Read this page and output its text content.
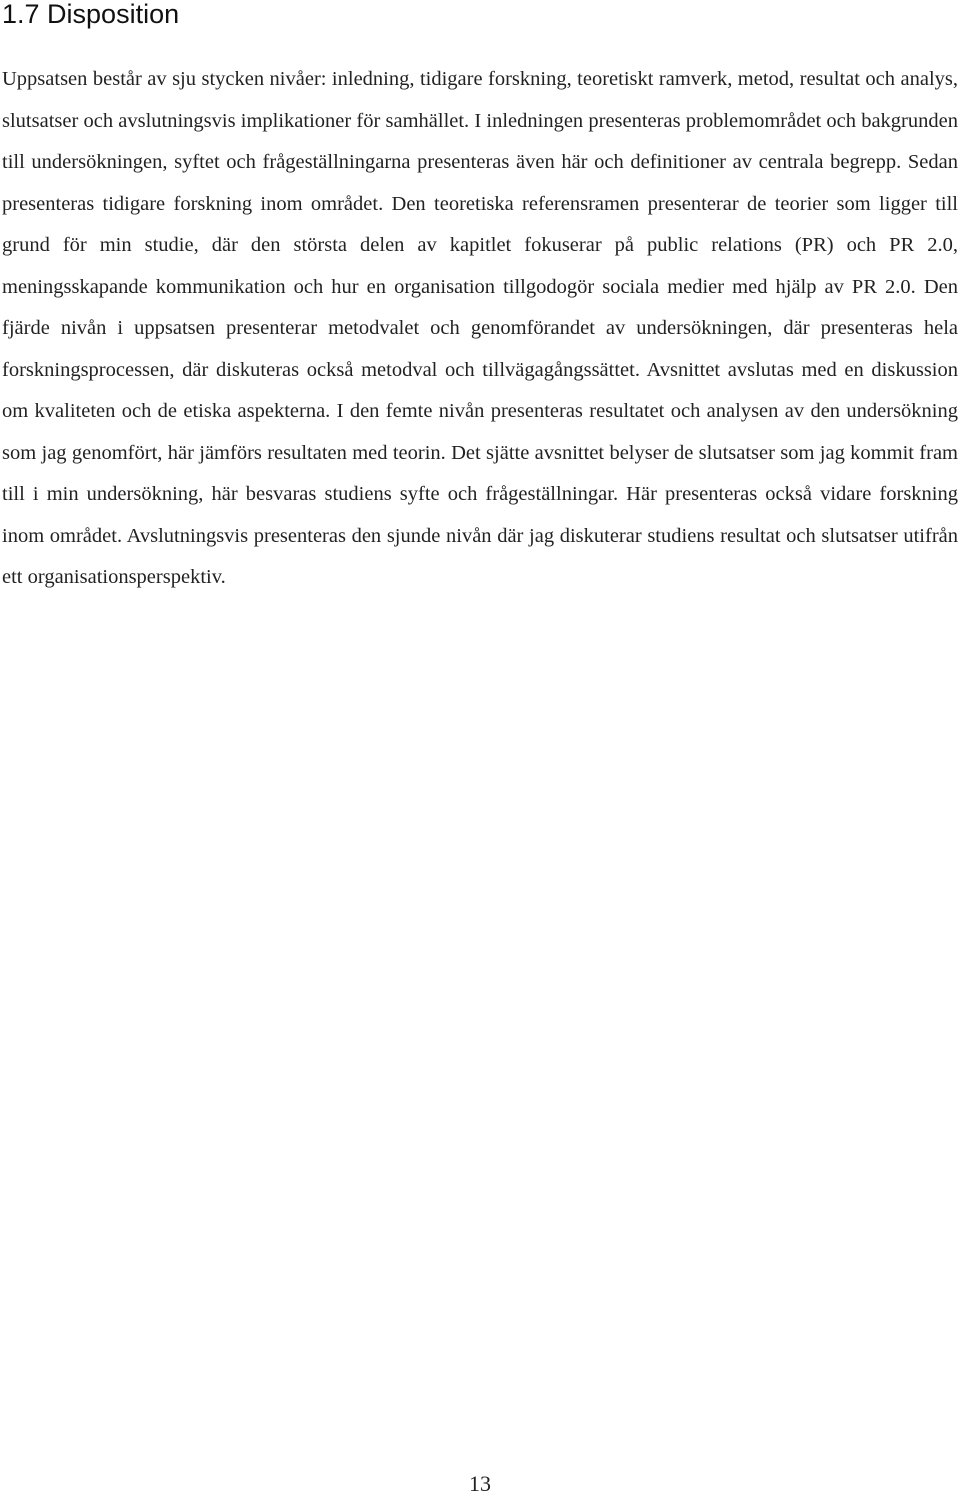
1.7 Disposition

Uppsatsen består av sju stycken nivåer: inledning, tidigare forskning, teoretiskt ramverk, metod, resultat och analys, slutsatser och avslutningsvis implikationer för samhället. I inledningen presenteras problemområdet och bakgrunden till undersökningen, syftet och frågeställningarna presenteras även här och definitioner av centrala begrepp. Sedan presenteras tidigare forskning inom området. Den teoretiska referensramen presenterar de teorier som ligger till grund för min studie, där den största delen av kapitlet fokuserar på public relations (PR) och PR 2.0, meningsskapande kommunikation och hur en organisation tillgodogör sociala medier med hjälp av PR 2.0. Den fjärde nivån i uppsatsen presenterar metodvalet och genomförandet av undersökningen, där presenteras hela forskningsprocessen, där diskuteras också metodval och tillvägagångssättet. Avsnittet avslutas med en diskussion om kvaliteten och de etiska aspekterna. I den femte nivån presenteras resultatet och analysen av den undersökning som jag genomfört, här jämförs resultaten med teorin. Det sjätte avsnittet belyser de slutsatser som jag kommit fram till i min undersökning, här besvaras studiens syfte och frågeställningar. Här presenteras också vidare forskning inom området. Avslutningsvis presenteras den sjunde nivån där jag diskuterar studiens resultat och slutsatser utifrån ett organisationsperspektiv.

13
